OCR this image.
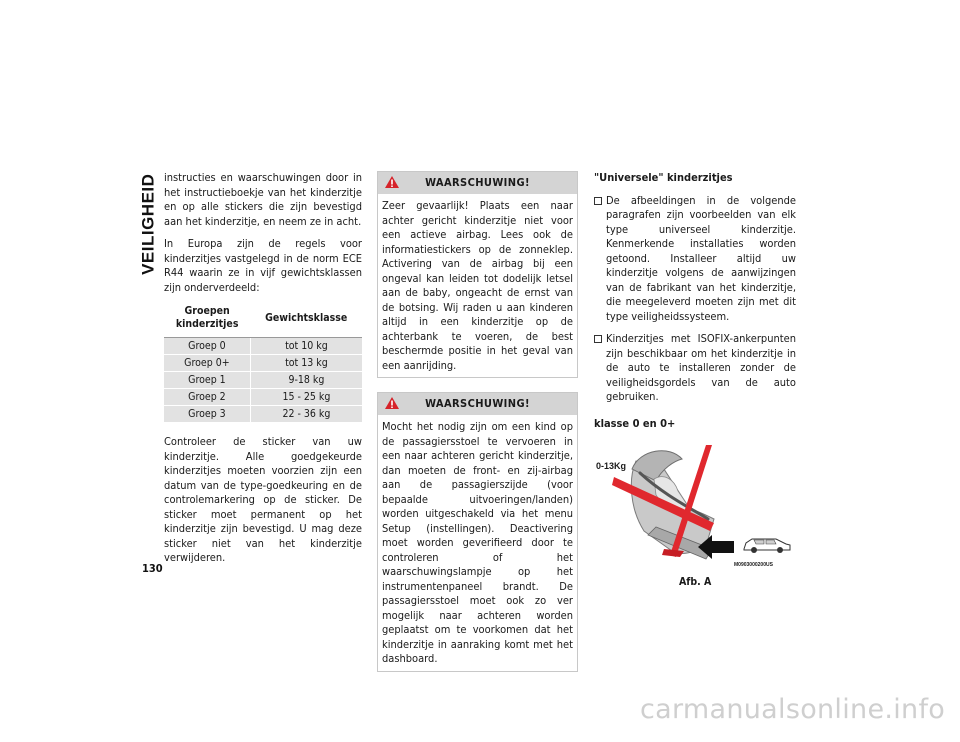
VEILIGHEID
130

instructies en waarschuwingen door in het instructieboekje van het kinderzitje en op alle stickers die zijn bevestigd aan het kinderzitje, en neem ze in acht.

In Europa zijn de regels voor kinderzitjes vastgelegd in de norm ECE R44 waarin ze in vijf gewichtsklassen zijn onderverdeeld:

Groepen
kinderzitjes	Gewichtsklasse
Groep 0	tot 10 kg
Groep 0+	tot 13 kg
Groep 1	9-18 kg
Groep 2	15 - 25 kg
Groep 3	22 - 36 kg

Controleer de sticker van uw kinderzitje. Alle goedgekeurde kinderzitjes moeten voorzien zijn een datum van de type-goedkeuring en de controlemarkering op de sticker. De sticker moet permanent op het kinderzitje zijn bevestigd. U mag deze sticker niet van het kinderzitje verwijderen.

WAARSCHUWING!

Zeer gevaarlijk! Plaats een naar achter gericht kinderzitje niet voor een actieve airbag. Lees ook de informatiestickers op de zonneklep. Activering van de airbag bij een ongeval kan leiden tot dodelijk letsel aan de baby, ongeacht de ernst van de botsing. Wij raden u aan kinderen altijd in een kinderzitje op de achterbank te voeren, de best beschermde positie in het geval van een aanrijding.

WAARSCHUWING!

Mocht het nodig zijn om een kind op de passagiersstoel te vervoeren in een naar achteren gericht kinderzitje, dan moeten de front- en zij-airbag aan de passagierszijde (voor bepaalde uitvoeringen/landen) worden uitgeschakeld via het menu Setup (instellingen). Deactivering moet worden geverifieerd door te controleren of het waarschuwingslampje op het instrumentenpaneel brandt. De passagiersstoel moet ook zo ver mogelijk naar achteren worden geplaatst om te voorkomen dat het kinderzitje in aanraking komt met het dashboard.

"Universele" kinderzitjes
De afbeeldingen in de volgende paragrafen zijn voorbeelden van elk type universeel kinderzitje. Kenmerkende installaties worden getoond. Installeer altijd uw kinderzitje volgens de aanwijzingen van de fabrikant van het kinderzitje, die meegeleverd moeten zijn met dit type veiligheidssysteem.
Kinderzitjes met ISOFIX-ankerpunten zijn beschikbaar om het kinderzitje in de auto te installeren zonder de veiligheidsgordels van de auto gebruiken.
klasse 0 en 0+
0-13Kg
M0903000200US
Afb. A
carmanualsonline.info
